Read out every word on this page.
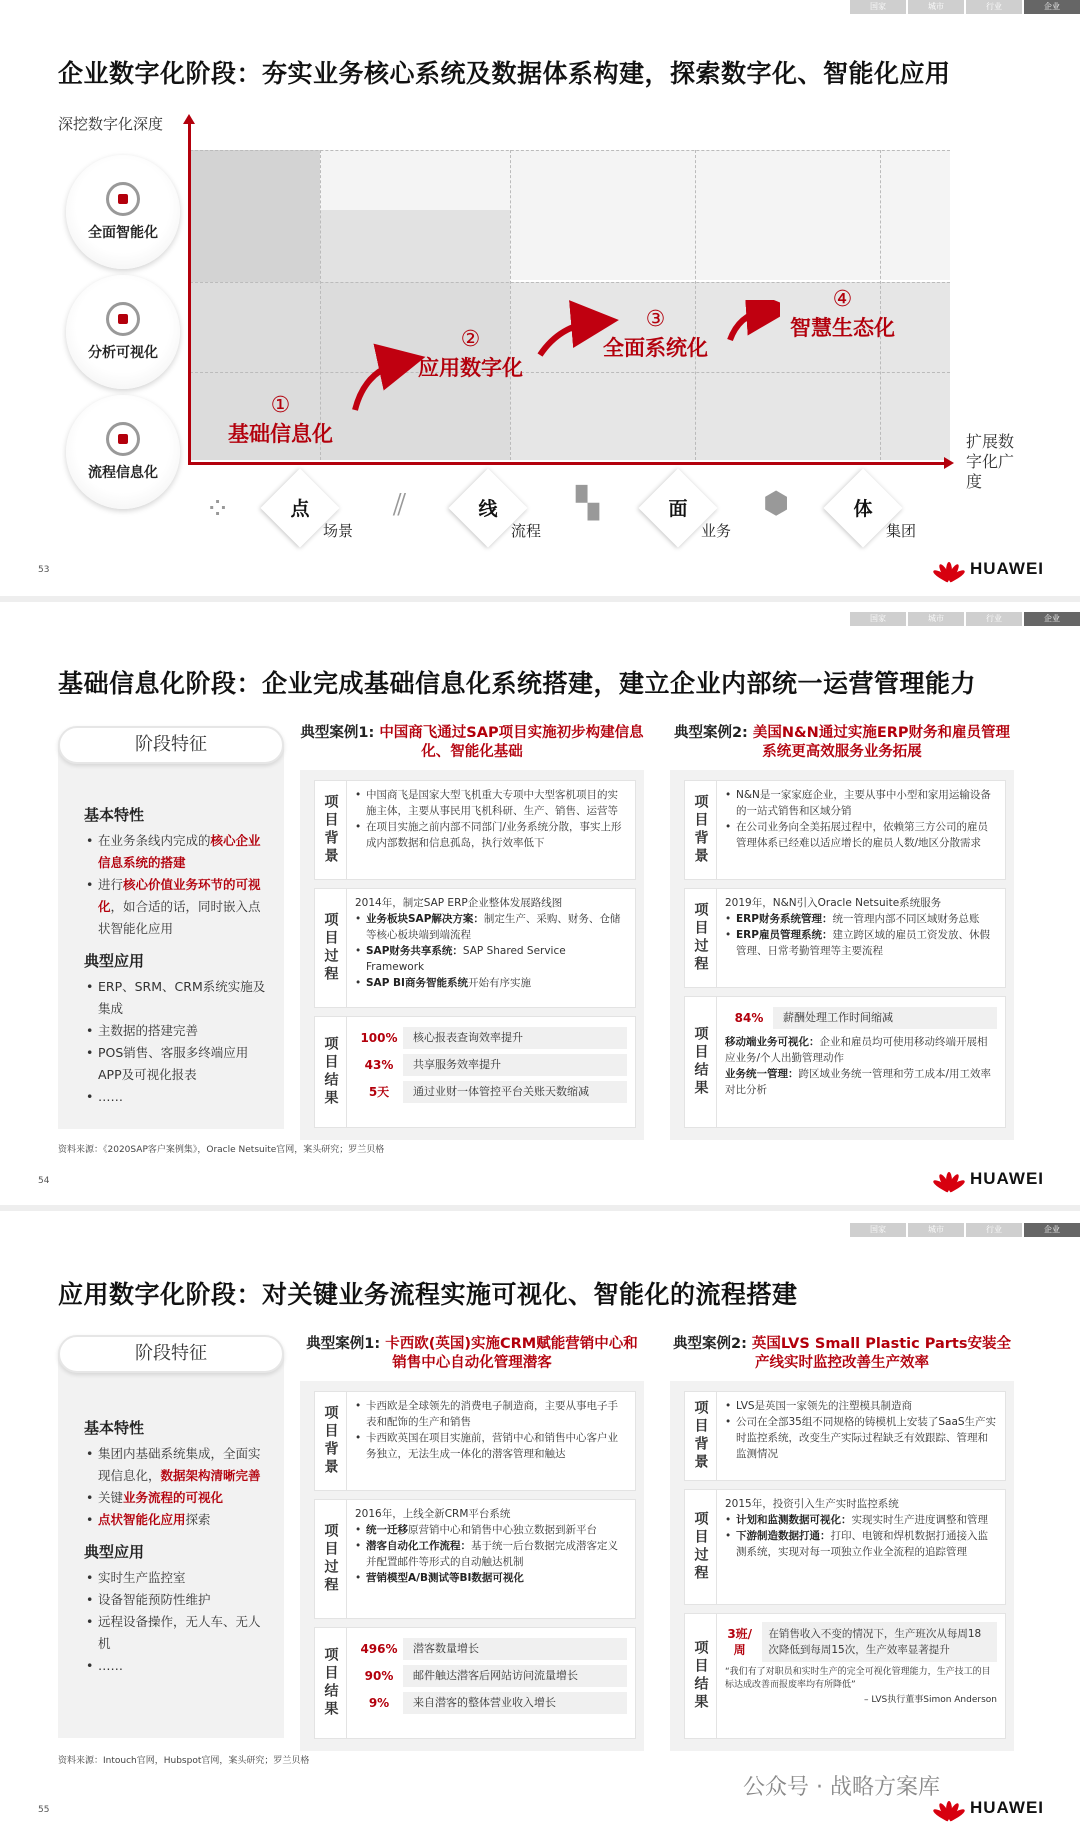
国家	城市	行业	企业
企业数字化阶段：夯实业务核心系统及数据体系构建，探索数字化、智能化应用
深挖数字化深度
扩展数字化广度
全面智能化
分析可视化
流程信息化
①
基础信息化
②
应用数字化
③
全面系统化
④
智慧生态化
⁘	点
场景
⫽	线
流程
▚	面
业务
⬢	体
集团
53	HUAWEI
国家	城市	行业	企业
基础信息化阶段：企业完成基础信息化系统搭建，建立企业内部统一运营管理能力
阶段特征
基本特性
• 在业务条线内完成的核心企业信息系统的搭建
• 进行核心价值业务环节的可视化，如合适的话，同时嵌入点状智能化应用
典型应用
• ERP、SRM、CRM系统实施及集成
• 主数据的搭建完善
• POS销售、客服多终端应用APP及可视化报表
• ……
典型案例1: 中国商飞通过SAP项目实施初步构建信息化、智能化基础
项目背景	• 中国商飞是国家大型飞机重大专项中大型客机项目的实施主体，主要从事民用飞机科研、生产、销售、运营等
• 在项目实施之前内部不同部门/业务系统分散，事实上形成内部数据和信息孤岛，执行效率低下
项目过程
2014年，制定SAP ERP企业整体发展路线图
• 业务板块SAP解决方案：制定生产、采购、财务、仓储等核心板块端到端流程
• SAP财务共享系统：SAP Shared Service Framework
• SAP BI商务智能系统开始有序实施
项目结果	100%	核心报表查询效率提升
43%	共享服务效率提升
5天	通过业财一体管控平台关账天数缩减
典型案例2: 美国N&N通过实施ERP财务和雇员管理系统更高效服务业务拓展
项目背景	• N&N是一家家庭企业，主要从事中小型和家用运输设备的一站式销售和区域分销
• 在公司业务向全美拓展过程中，依赖第三方公司的雇员管理体系已经难以适应增长的雇员人数/地区分散需求
项目过程	2019年，N&N引入Oracle Netsuite系统服务
• ERP财务系统管理：统一管理内部不同区域财务总账
• ERP雇员管理系统：建立跨区域的雇员工资发放、休假管理、日常考勤管理等主要流程
项目结果
84%	薪酬处理工作时间缩减
移动端业务可视化：企业和雇员均可使用移动终端开展相应业务/个人出勤管理动作
业务统一管理：跨区域业务统一管理和劳工成本/用工效率对比分析
资料来源：《2020SAP客户案例集》，Oracle Netsuite官网，案头研究；罗兰贝格
54	HUAWEI
国家	城市	行业	企业
应用数字化阶段：对关键业务流程实施可视化、智能化的流程搭建
阶段特征
基本特性
• 集团内基础系统集成，全面实现信息化，数据架构清晰完善
• 关键业务流程的可视化
• 点状智能化应用探索
典型应用
• 实时生产监控室
• 设备智能预防性维护
• 远程设备操作，无人车、无人机
• ……
典型案例1: 卡西欧(英国)实施CRM赋能营销中心和销售中心自动化管理潜客
项目背景	• 卡西欧是全球领先的消费电子制造商，主要从事电子手表和配饰的生产和销售
• 卡西欧英国在项目实施前，营销中心和销售中心客户业务独立，无法生成一体化的潜客管理和触达
项目过程
2016年，上线全新CRM平台系统
• 统一迁移原营销中心和销售中心独立数据到新平台
• 潜客自动化工作流程：基于统一后台数据完成潜客定义并配置邮件等形式的自动触达机制
• 营销模型A/B测试等BI数据可视化
项目结果	496%	潜客数量增长
90%	邮件触达潜客后网站访问流量增长
9%	来自潜客的整体营业收入增长
典型案例2: 英国LVS Small Plastic Parts安装全产线实时监控改善生产效率
项目背景	• LVS是英国一家领先的注塑模具制造商
• 公司在全部35组不同规格的铸模机上安装了SaaS生产实时监控系统，改变生产实际过程缺乏有效跟踪、管理和监测情况
项目过程
2015年，投资引入生产实时监控系统
• 计划和监测数据可视化：实现实时生产进度调整和管理
• 下游制造数据打通：打印、电镀和焊机数据打通接入监测系统，实现对每一项独立作业全流程的追踪管理
项目结果
3班/周
在销售收入不变的情况下，生产班次从每周18次降低到每周15次，生产效率显著提升
“我们有了对职员和实时生产的完全可视化管理能力，生产技工的目标达成改善而报废率均有所降低”
– LVS执行董事Simon Anderson
资料来源：Intouch官网，Hubspot官网，案头研究；罗兰贝格
55	HUAWEI
公众号 · 战略方案库
